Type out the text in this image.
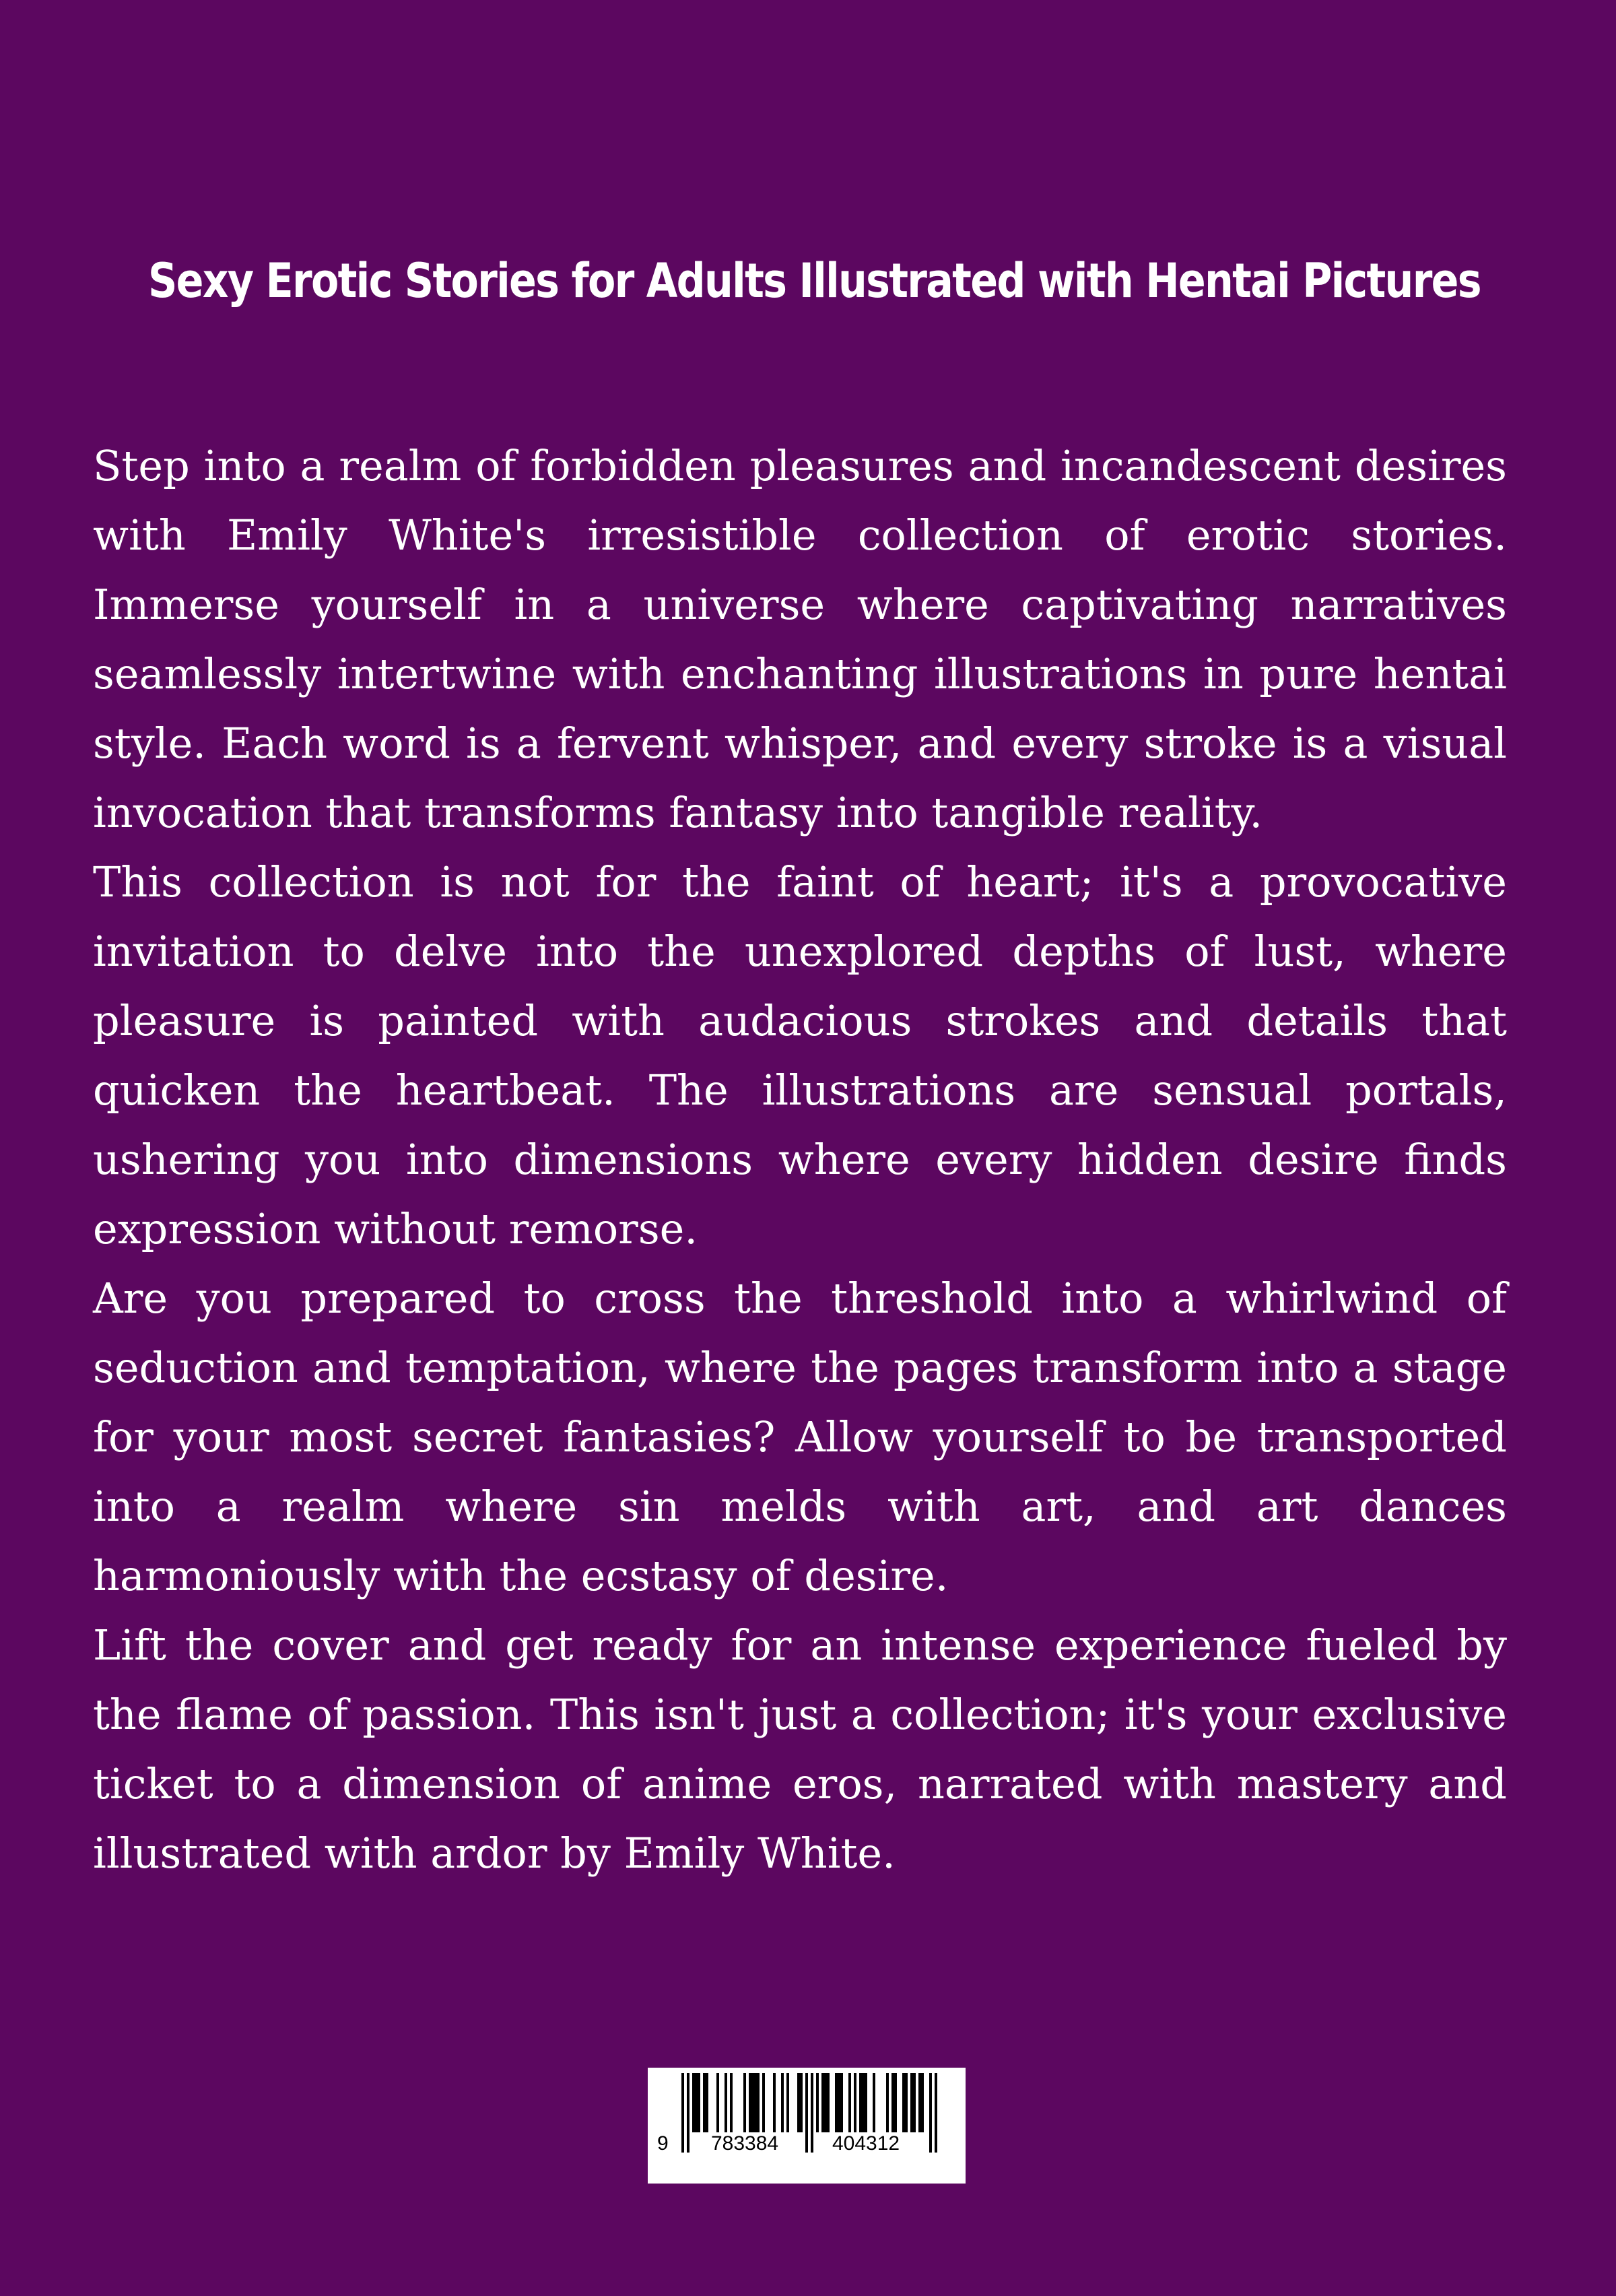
Sexy Erotic Stories for Adults Illustrated with Hentai Pictures

Step into a realm of forbidden pleasures and incandescent desires with Emily White's irresistible collection of erotic stories. Immerse yourself in a universe where captivating narratives seamlessly intertwine with enchanting illustrations in pure hentai style. Each word is a fervent whisper, and every stroke is a visual invocation that transforms fantasy into tangible reality.

This collection is not for the faint of heart; it's a provocative invitation to delve into the unexplored depths of lust, where pleasure is painted with audacious strokes and details that quicken the heartbeat. The illustrations are sensual portals, ushering you into dimensions where every hidden desire finds expression without remorse.

Are you prepared to cross the threshold into a whirlwind of seduction and temptation, where the pages transform into a stage for your most secret fantasies? Allow yourself to be transported into a realm where sin melds with art, and art dances harmoniously with the ecstasy of desire.

Lift the cover and get ready for an intense experience fueled by the flame of passion. This isn't just a collection; it's your exclusive ticket to a dimension of anime eros, narrated with mastery and illustrated with ardor by Emily White.

9 783384	404312
